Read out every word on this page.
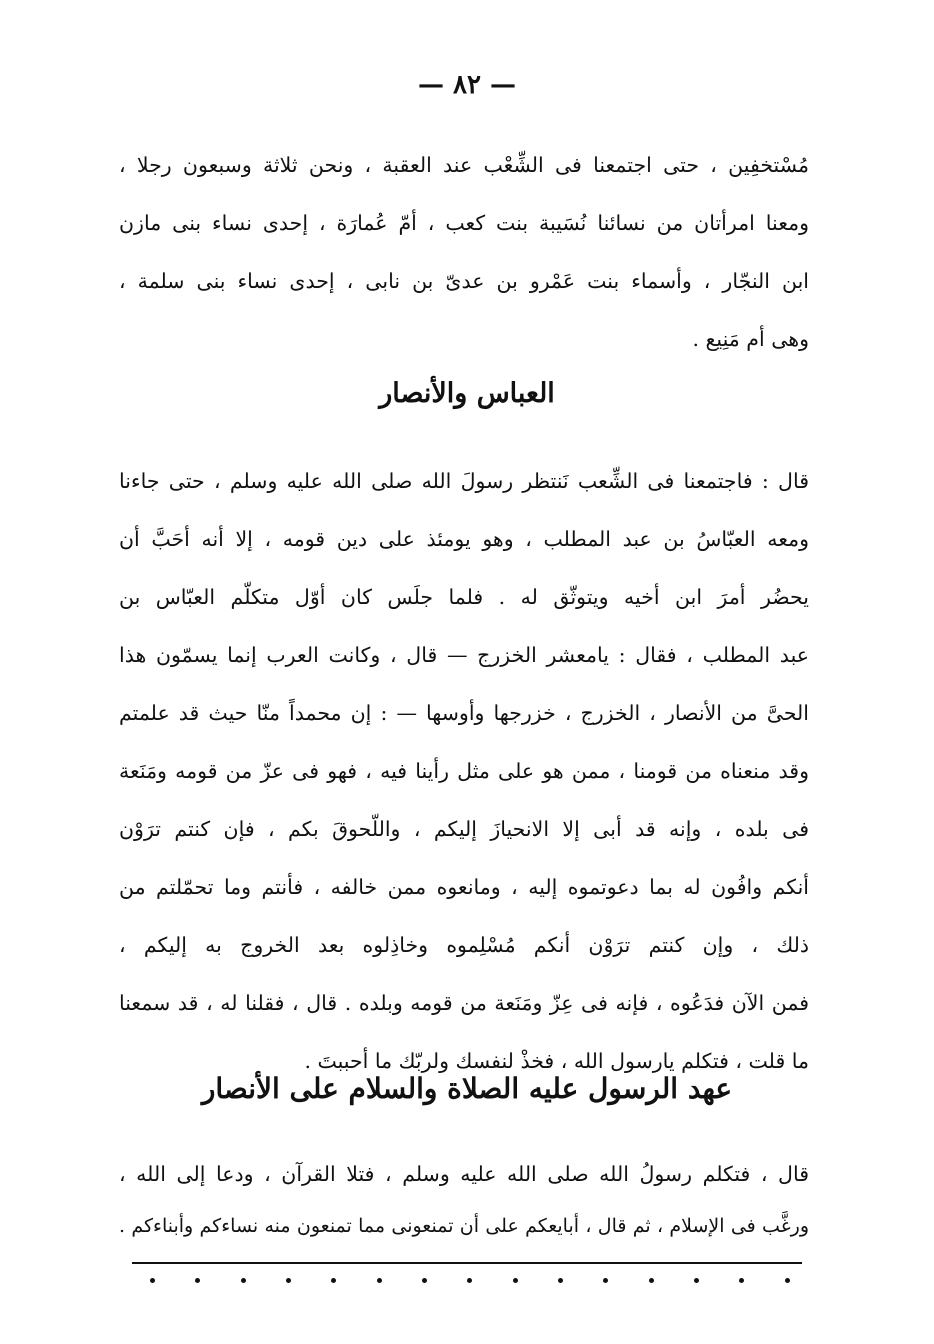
— ٨٢ —
مُسْتخفِين ، حتى اجتمعنا فى الشِّعْب عند العقبة ، ونحن ثلاثة وسبعون رجلا ،
ومعنا امرأتان من نسائنا نُسَيبة بنت كعب ، أمّ عُمارَة ، إحدى نساء بنى مازن
ابن النجّار ، وأسماء بنت عَمْرو بن عدىّ بن نابى ، إحدى نساء بنى سلمة ،
وهى أم مَنِيع .
العباس والأنصار
قال : فاجتمعنا فى الشِّعب نَنتظر رسولَ الله صلى الله عليه وسلم ، حتى جاءنا
ومعه العبّاسُ بن عبد المطلب ، وهو يومئذ على دين قومه ، إلا أنه أحَبَّ أن
يحضُر أمرَ ابن أخيه ويتوثّق له . فلما جلَس كان أوّل متكلّم العبّاس بن
عبد المطلب ، فقال : يامعشر الخزرج — قال ، وكانت العرب إنما يسمّون هذا
الحىَّ من الأنصار ، الخزرج ، خزرجها وأوسها — : إن محمداً منّا حيث قد علمتم
وقد منعناه من قومنا ، ممن هو على مثل رأينا فيه ، فهو فى عزّ من قومه ومَنَعة
فى بلده ، وإنه قد أبى إلا الانحيازَ إليكم ، واللّحوقَ بكم ، فإن كنتم ترَوْن
أنكم وافُون له بما دعوتموه إليه ، ومانعوه ممن خالفه ، فأنتم وما تحمّلتم من
ذلك ، وإن كنتم ترَوْن أنكم مُسْلِموه وخاذِلوه بعد الخروج به إليكم ،
فمن الآن فدَعُوه ، فإنه فى عِزّ ومَنَعة من قومه وبلده . قال ، فقلنا له ، قد سمعنا
ما قلت ، فتكلم يارسول الله ، فخذْ لنفسك ولربّك ما أحببتَ .
عهد الرسول عليه الصلاة والسلام على الأنصار
قال ، فتكلم رسولُ الله صلى الله عليه وسلم ، فتلا القرآن ، ودعا إلى الله ،
ورغَّب فى الإسلام ، ثم قال ، أبايعكم على أن تمنعونى مما تمنعون منه نساءكم وأبناءكم .
